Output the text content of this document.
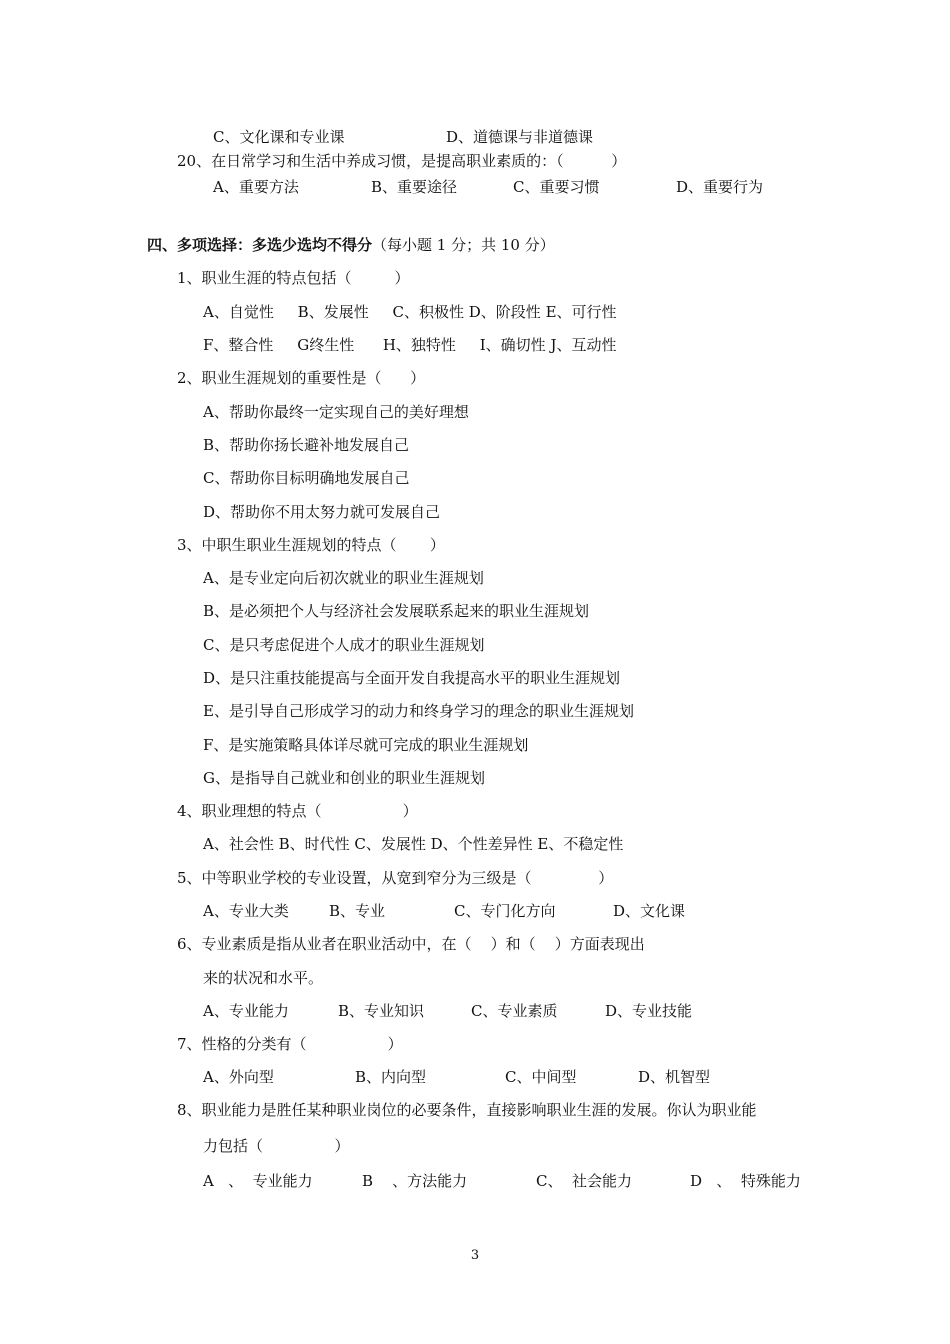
C、文化课和专业课	D、道德课与非道德课
20、在日常学习和生活中养成习惯，是提高职业素质的：（          ）
A、重要方法	B、重要途径	C、重要习惯	D、重要行为
四、多项选择：多选少选均不得分（每小题 1 分；共 10 分）
1、职业生涯的特点包括（         ）
A、自觉性     B、发展性     C、积极性 D、阶段性 E、可行性
F、整合性     G终生性      H、独特性     I、确切性 J、互动性
2、职业生涯规划的重要性是（      ）
A、帮助你最终一定实现自己的美好理想
B、帮助你扬长避补地发展自己
C、帮助你目标明确地发展自己
D、帮助你不用太努力就可发展自己
3、中职生职业生涯规划的特点（       ）
A、是专业定向后初次就业的职业生涯规划
B、是必须把个人与经济社会发展联系起来的职业生涯规划
C、是只考虑促进个人成才的职业生涯规划
D、是只注重技能提高与全面开发自我提高水平的职业生涯规划
E、是引导自己形成学习的动力和终身学习的理念的职业生涯规划
F、是实施策略具体详尽就可完成的职业生涯规划
G、是指导自己就业和创业的职业生涯规划
4、职业理想的特点（                 ）
A、社会性 B、时代性 C、发展性 D、个性差异性 E、不稳定性
5、中等职业学校的专业设置，从宽到窄分为三级是（              ）
A、专业大类	B、专业	C、专门化方向	D、文化课
6、专业素质是指从业者在职业活动中，在（    ）和（    ）方面表现出
来的状况和水平。
A、专业能力	B、专业知识	C、专业素质	D、专业技能
7、性格的分类有（                 ）
A、外向型	B、内向型	C、中间型	D、机智型
8、职业能力是胜任某种职业岗位的必要条件，直接影响职业生涯的发展。你认为职业能
力包括（               ）
A   、  专业能力	B    、方法能力	C、  社会能力	D   、  特殊能力
3
